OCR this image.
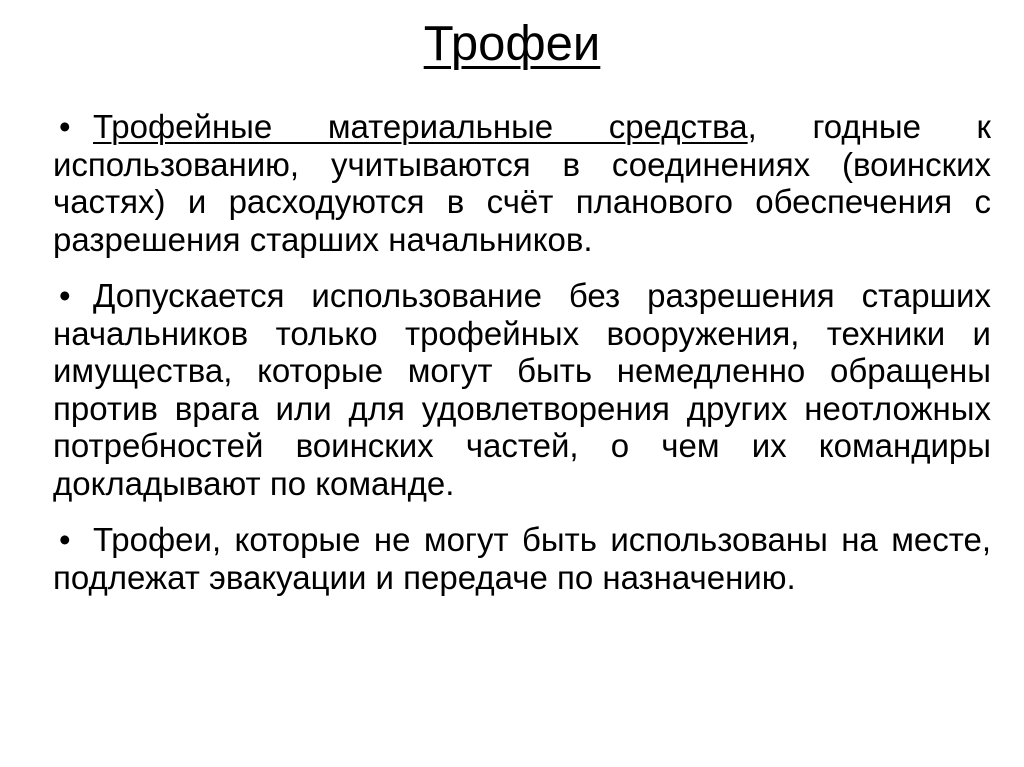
Трофеи
• Трофейные материальные средства, годные к использованию, учитываются в соединениях (воинских частях) и расходуются в счёт планового обеспечения с разрешения старших начальников.
• Допускается использование без разрешения старших начальников только трофейных вооружения, техники и имущества, которые могут быть немедленно обращены против врага или для удовлетворения других неотложных потребностей воинских частей, о чем их командиры докладывают по команде.
• Трофеи, которые не могут быть использованы на месте, подлежат эвакуации и передаче по назначению.
